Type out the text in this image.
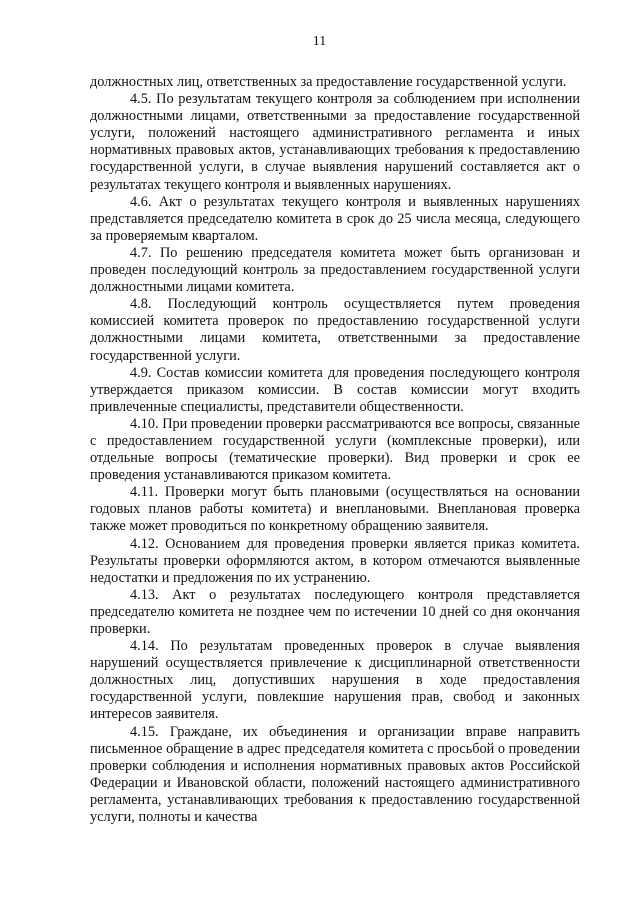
11

должностных лиц, ответственных за предоставление государственной услуги.

4.5. По результатам текущего контроля за соблюдением при исполнении должностными лицами, ответственными за предоставление государственной услуги, положений настоящего административного регламента и иных нормативных правовых актов, устанавливающих требования к предоставлению государственной услуги, в случае выявления нарушений составляется акт о результатах текущего контроля и выявленных нарушениях.

4.6. Акт о результатах текущего контроля и выявленных нарушениях представляется председателю комитета в срок до 25 числа месяца, следующего за проверяемым кварталом.

4.7. По решению председателя комитета может быть организован и проведен последующий контроль за предоставлением государственной услуги должностными лицами комитета.

4.8. Последующий контроль осуществляется путем проведения комиссией комитета проверок по предоставлению государственной услуги должностными лицами комитета, ответственными за предоставление государственной услуги.

4.9. Состав комиссии комитета для проведения последующего контроля утверждается приказом комиссии. В состав комиссии могут входить привлеченные специалисты, представители общественности.

4.10. При проведении проверки рассматриваются все вопросы, связанные с предоставлением государственной услуги (комплексные проверки), или отдельные вопросы (тематические проверки). Вид проверки и срок ее проведения устанавливаются приказом комитета.

4.11. Проверки могут быть плановыми (осуществляться на основании годовых планов работы комитета) и внеплановыми. Внеплановая проверка также может проводиться по конкретному обращению заявителя.

4.12. Основанием для проведения проверки является приказ комитета. Результаты проверки оформляются актом, в котором отмечаются выявленные недостатки и предложения по их устранению.

4.13. Акт о результатах последующего контроля представляется председателю комитета не позднее чем по истечении 10 дней со дня окончания проверки.

4.14. По результатам проведенных проверок в случае выявления нарушений осуществляется привлечение к дисциплинарной ответственности должностных лиц, допустивших нарушения в ходе предоставления государственной услуги, повлекшие нарушения прав, свобод и законных интересов заявителя.

4.15. Граждане, их объединения и организации вправе направить письменное обращение в адрес председателя комитета с просьбой о проведении проверки соблюдения и исполнения нормативных правовых актов Российской Федерации и Ивановской области, положений настоящего административного регламента, устанавливающих требования к предоставлению государственной услуги, полноты и качества
